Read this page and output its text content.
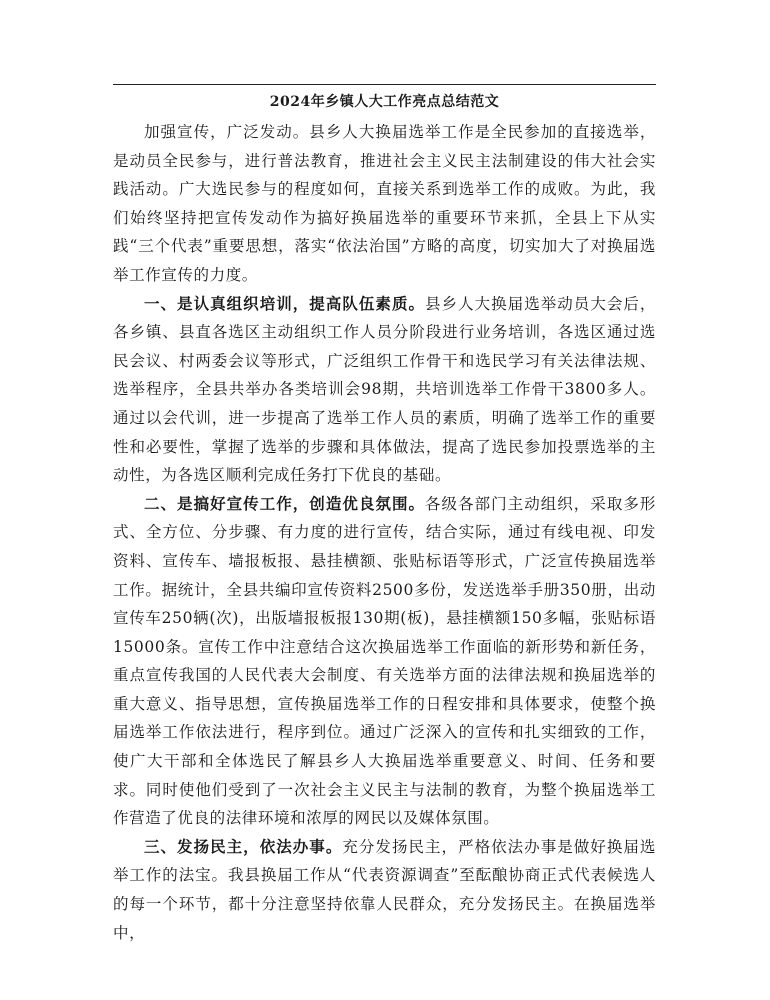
2024年乡镇人大工作亮点总结范文

加强宣传，广泛发动。县乡人大换届选举工作是全民参加的直接选举，是动员全民参与，进行普法教育，推进社会主义民主法制建设的伟大社会实践活动。广大选民参与的程度如何，直接关系到选举工作的成败。为此，我们始终坚持把宣传发动作为搞好换届选举的重要环节来抓，全县上下从实践“三个代表”重要思想，落实“依法治国”方略的高度，切实加大了对换届选举工作宣传的力度。

一、是认真组织培训，提高队伍素质。县乡人大换届选举动员大会后，各乡镇、县直各选区主动组织工作人员分阶段进行业务培训，各选区通过选民会议、村两委会议等形式，广泛组织工作骨干和选民学习有关法律法规、选举程序，全县共举办各类培训会98期，共培训选举工作骨干3800多人。通过以会代训，进一步提高了选举工作人员的素质，明确了选举工作的重要性和必要性，掌握了选举的步骤和具体做法，提高了选民参加投票选举的主动性，为各选区顺利完成任务打下优良的基础。

二、是搞好宣传工作，创造优良氛围。各级各部门主动组织，采取多形式、全方位、分步骤、有力度的进行宣传，结合实际，通过有线电视、印发资料、宣传车、墙报板报、悬挂横额、张贴标语等形式，广泛宣传换届选举工作。据统计，全县共编印宣传资料2500多份，发送选举手册350册，出动宣传车250辆(次)，出版墙报板报130期(板)，悬挂横额150多幅，张贴标语15000条。宣传工作中注意结合这次换届选举工作面临的新形势和新任务，重点宣传我国的人民代表大会制度、有关选举方面的法律法规和换届选举的重大意义、指导思想，宣传换届选举工作的日程安排和具体要求，使整个换届选举工作依法进行，程序到位。通过广泛深入的宣传和扎实细致的工作，使广大干部和全体选民了解县乡人大换届选举重要意义、时间、任务和要求。同时使他们受到了一次社会主义民主与法制的教育，为整个换届选举工作营造了优良的法律环境和浓厚的网民以及媒体氛围。

三、发扬民主，依法办事。充分发扬民主，严格依法办事是做好换届选举工作的法宝。我县换届工作从“代表资源调查”至酝酿协商正式代表候选人的每一个环节，都十分注意坚持依靠人民群众，充分发扬民主。在换届选举中，
